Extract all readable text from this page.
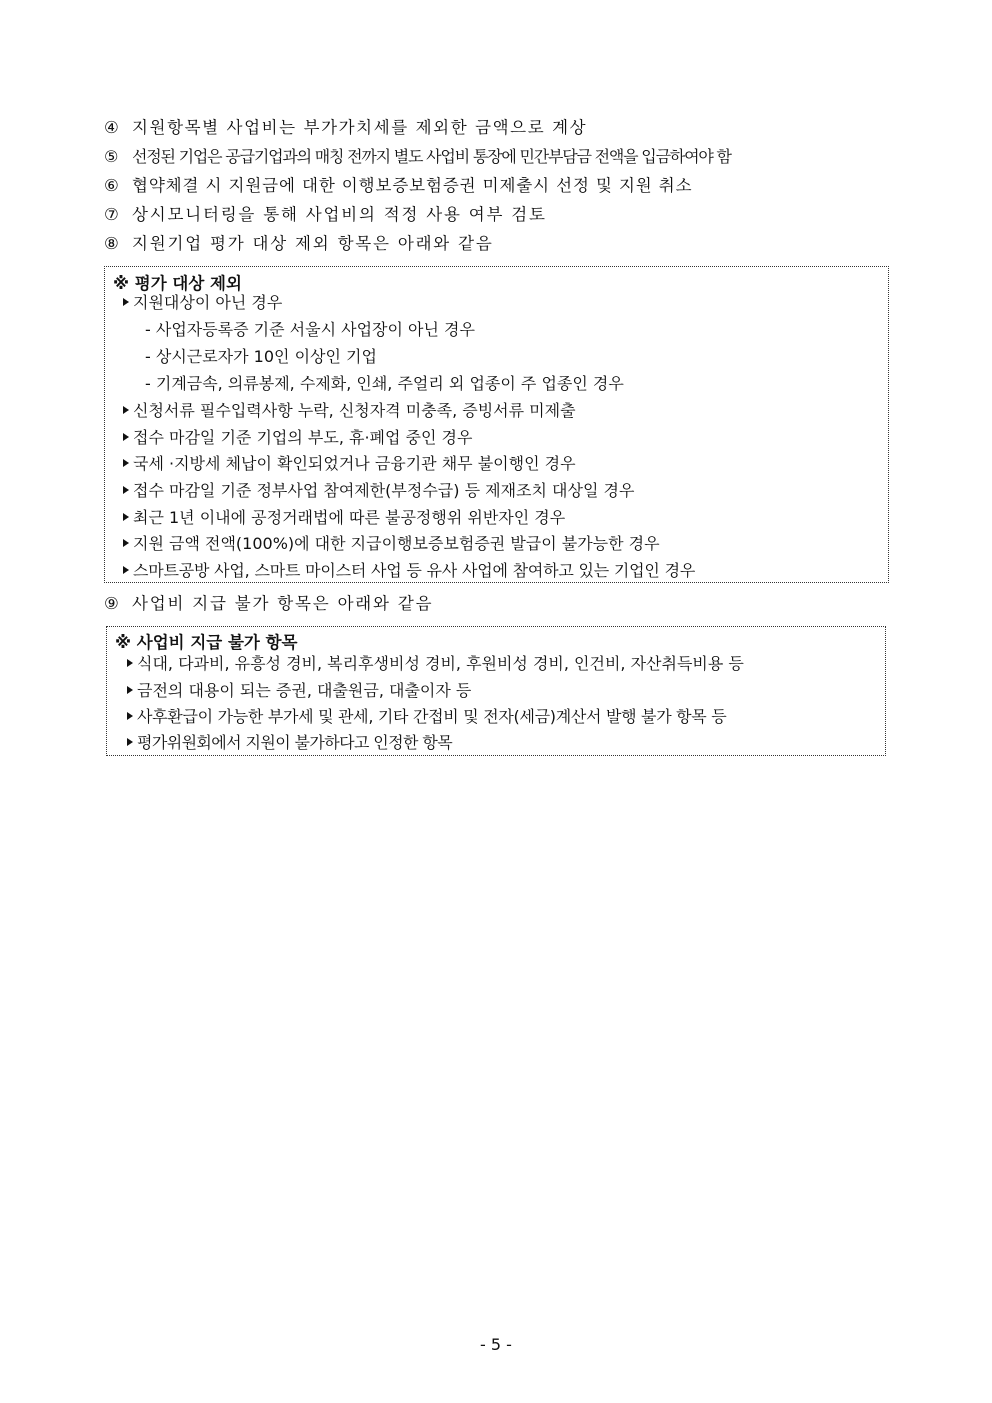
④ 지원항목별 사업비는 부가가치세를 제외한 금액으로 계상
⑤ 선정된 기업은 공급기업과의 매칭 전까지 별도 사업비 통장에 민간부담금 전액을 입금하여야 함
⑥ 협약체결 시 지원금에 대한 이행보증보험증권 미제출시 선정 및 지원 취소
⑦ 상시모니터링을 통해 사업비의 적정 사용 여부 검토
⑧ 지원기업 평가 대상 제외 항목은 아래와 같음
※ 평가 대상 제외
지원대상이 아닌 경우
- 사업자등록증 기준 서울시 사업장이 아닌 경우
- 상시근로자가 10인 이상인 기업
- 기계금속, 의류봉제, 수제화, 인쇄, 주얼리 외 업종이 주 업종인 경우
신청서류 필수입력사항 누락, 신청자격 미충족, 증빙서류 미제출
접수 마감일 기준 기업의 부도, 휴·폐업 중인 경우
국세 ·지방세 체납이 확인되었거나 금융기관 채무 불이행인 경우
접수 마감일 기준 정부사업 참여제한(부정수급) 등 제재조치 대상일 경우
최근 1년 이내에 공정거래법에 따른 불공정행위 위반자인 경우
지원 금액 전액(100%)에 대한 지급이행보증보험증권 발급이 불가능한 경우
스마트공방 사업, 스마트 마이스터 사업 등 유사 사업에 참여하고 있는 기업인 경우
⑨ 사업비 지급 불가 항목은 아래와 같음
※ 사업비 지급 불가 항목
식대, 다과비, 유흥성 경비, 복리후생비성 경비, 후원비성 경비, 인건비, 자산취득비용 등
금전의 대용이 되는 증권, 대출원금, 대출이자 등
사후환급이 가능한 부가세 및 관세, 기타 간접비 및 전자(세금)계산서 발행 불가 항목 등
평가위원회에서 지원이 불가하다고 인정한 항목
- 5 -
